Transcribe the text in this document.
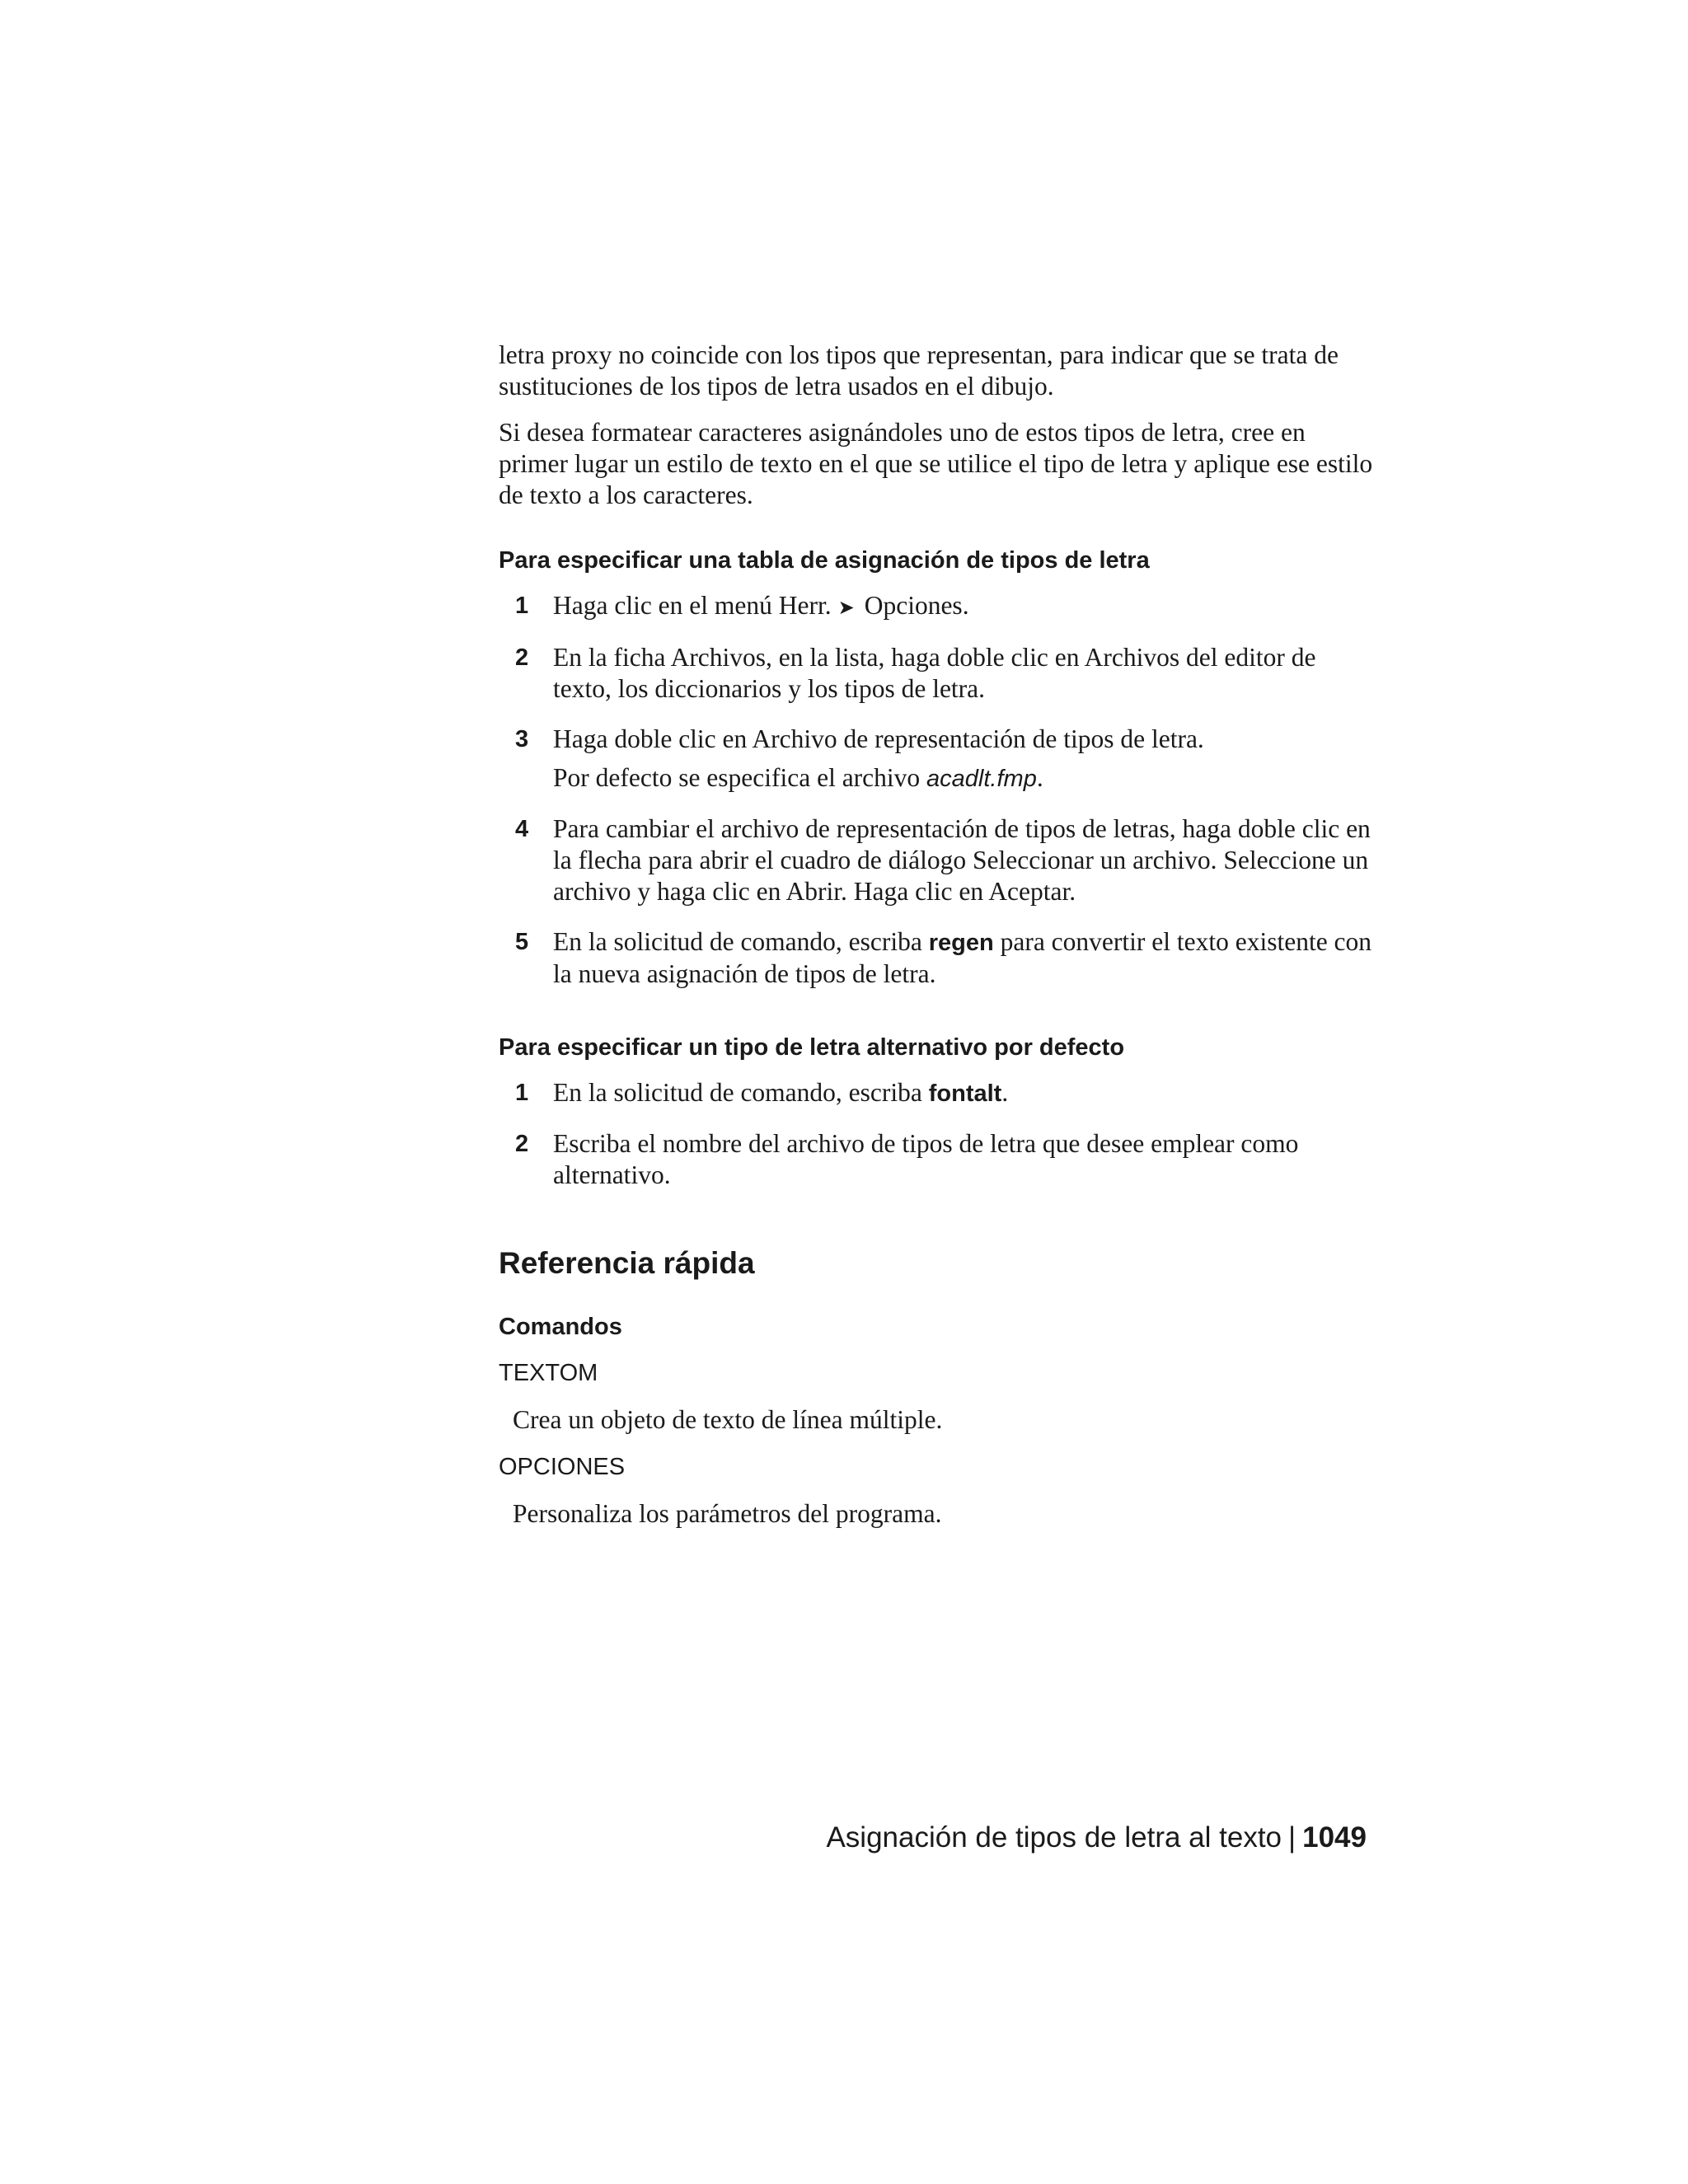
letra proxy no coincide con los tipos que representan, para indicar que se trata de sustituciones de los tipos de letra usados en el dibujo.

Si desea formatear caracteres asignándoles uno de estos tipos de letra, cree en primer lugar un estilo de texto en el que se utilice el tipo de letra y aplique ese estilo de texto a los caracteres.

Para especificar una tabla de asignación de tipos de letra
1 Haga clic en el menú Herr. ➤ Opciones.
2 En la ficha Archivos, en la lista, haga doble clic en Archivos del editor de texto, los diccionarios y los tipos de letra.
3 Haga doble clic en Archivo de representación de tipos de letra.
Por defecto se especifica el archivo acadlt.fmp.
4 Para cambiar el archivo de representación de tipos de letras, haga doble clic en la flecha para abrir el cuadro de diálogo Seleccionar un archivo. Seleccione un archivo y haga clic en Abrir. Haga clic en Aceptar.
5 En la solicitud de comando, escriba regen para convertir el texto existente con la nueva asignación de tipos de letra.
Para especificar un tipo de letra alternativo por defecto
1 En la solicitud de comando, escriba fontalt.
2 Escriba el nombre del archivo de tipos de letra que desee emplear como alternativo.
Referencia rápida
Comandos
TEXTOM
Crea un objeto de texto de línea múltiple.
OPCIONES
Personaliza los parámetros del programa.
Asignación de tipos de letra al texto | 1049
